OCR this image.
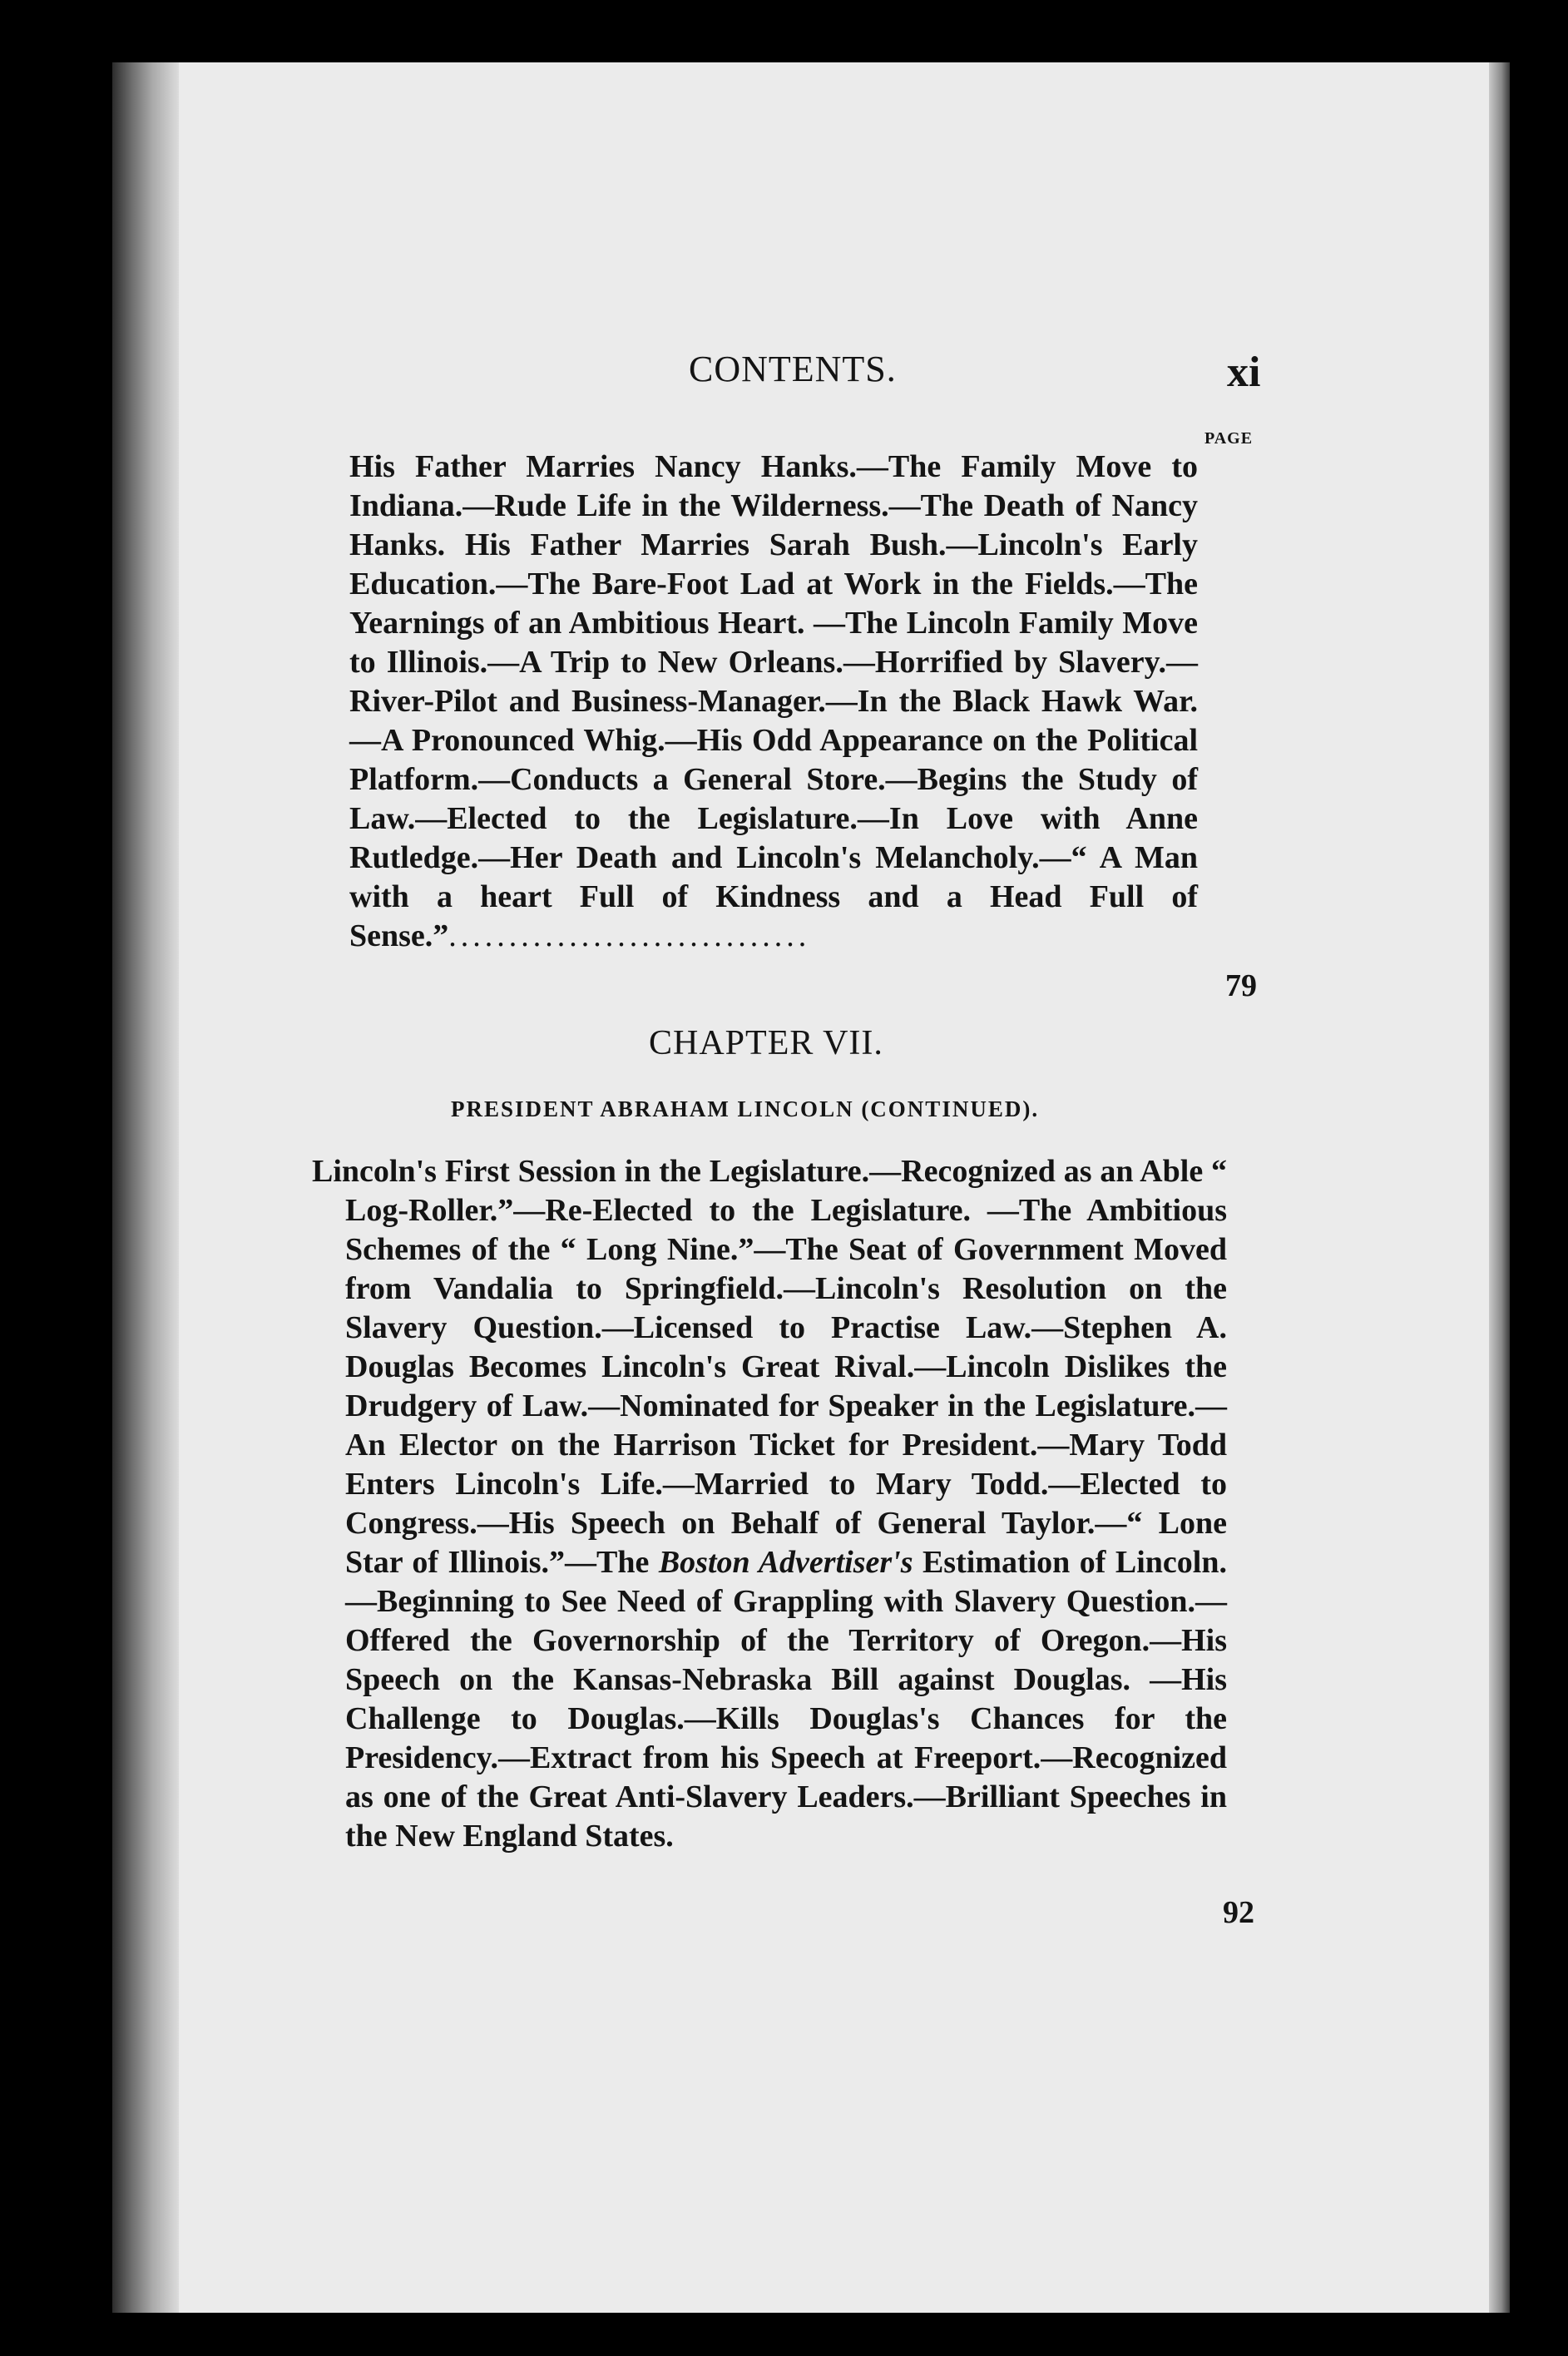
CONTENTS.	xi
PAGE

His Father Marries Nancy Hanks.—The Family Move to Indiana.—Rude Life in the Wilderness.—The Death of Nancy Hanks. His Father Marries Sarah Bush.—Lincoln's Early Education.—The Bare-Foot Lad at Work in the Fields.—The Yearnings of an Ambitious Heart. —The Lincoln Family Move to Illinois.—A Trip to New Orleans.—Horrified by Slavery.—River-Pilot and Business-Manager.—In the Black Hawk War.—A Pronounced Whig.—His Odd Appearance on the Political Platform.—Conducts a General Store.—Begins the Study of Law.—Elected to the Legislature.—In Love with Anne Rutledge.—Her Death and Lincoln's Melancholy.—“ A Man with a heart Full of Kindness and a Head Full of Sense.”..............................

79
CHAPTER VII.
PRESIDENT ABRAHAM LINCOLN (CONTINUED).

Lincoln's First Session in the Legislature.—Recognized as an Able “ Log-Roller.”—Re-Elected to the Legislature. —The Ambitious Schemes of the “ Long Nine.”—The Seat of Government Moved from Vandalia to Springfield.—Lincoln's Resolution on the Slavery Question.—Licensed to Practise Law.—Stephen A. Douglas Becomes Lincoln's Great Rival.—Lincoln Dislikes the Drudgery of Law.—Nominated for Speaker in the Legislature.—An Elector on the Harrison Ticket for President.—Mary Todd Enters Lincoln's Life.—Married to Mary Todd.—Elected to Congress.—His Speech on Behalf of General Taylor.—“ Lone Star of Illinois.”—The Boston Advertiser's Estimation of Lincoln.—Beginning to See Need of Grappling with Slavery Question.—Offered the Governorship of the Territory of Oregon.—His Speech on the Kansas-Nebraska Bill against Douglas. —His Challenge to Douglas.—Kills Douglas's Chances for the Presidency.—Extract from his Speech at Freeport.—Recognized as one of the Great Anti-Slavery Leaders.—Brilliant Speeches in the New England States.

92
